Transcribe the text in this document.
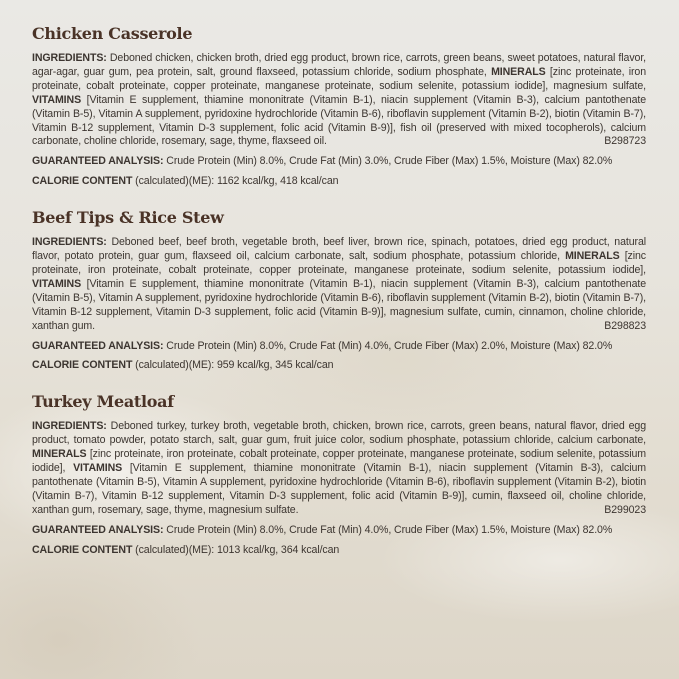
Chicken Casserole

INGREDIENTS: Deboned chicken, chicken broth, dried egg product, brown rice, carrots, green beans, sweet potatoes, natural flavor, agar-agar, guar gum, pea protein, salt, ground flaxseed, potassium chloride, sodium phosphate, MINERALS [zinc proteinate, iron proteinate, cobalt proteinate, copper proteinate, manganese proteinate, sodium selenite, potassium iodide], magnesium sulfate, VITAMINS [Vitamin E supplement, thiamine mononitrate (Vitamin B-1), niacin supplement (Vitamin B-3), calcium pantothenate (Vitamin B-5), Vitamin A supplement, pyridoxine hydrochloride (Vitamin B-6), riboflavin supplement (Vitamin B-2), biotin (Vitamin B-7), Vitamin B-12 supplement, Vitamin D-3 supplement, folic acid (Vitamin B-9)], fish oil (preserved with mixed tocopherols), calcium carbonate, choline chloride, rosemary, sage, thyme, flaxseed oil.	B298723

GUARANTEED ANALYSIS: Crude Protein (Min) 8.0%, Crude Fat (Min) 3.0%, Crude Fiber (Max) 1.5%, Moisture (Max) 82.0%

CALORIE CONTENT (calculated)(ME): 1162 kcal/kg, 418 kcal/can

Beef Tips & Rice Stew

INGREDIENTS: Deboned beef, beef broth, vegetable broth, beef liver, brown rice, spinach, potatoes, dried egg product, natural flavor, potato protein, guar gum, flaxseed oil, calcium carbonate, salt, sodium phosphate, potassium chloride, MINERALS [zinc proteinate, iron proteinate, cobalt proteinate, copper proteinate, manganese proteinate, sodium selenite, potassium iodide], VITAMINS [Vitamin E supplement, thiamine mononitrate (Vitamin B-1), niacin supplement (Vitamin B-3), calcium pantothenate (Vitamin B-5), Vitamin A supplement, pyridoxine hydrochloride (Vitamin B-6), riboflavin supplement (Vitamin B-2), biotin (Vitamin B-7), Vitamin B-12 supplement, Vitamin D-3 supplement, folic acid (Vitamin B-9)], magnesium sulfate, cumin, cinnamon, choline chloride, xanthan gum.	B298823

GUARANTEED ANALYSIS: Crude Protein (Min) 8.0%, Crude Fat (Min) 4.0%, Crude Fiber (Max) 2.0%, Moisture (Max) 82.0%

CALORIE CONTENT (calculated)(ME): 959 kcal/kg, 345 kcal/can

Turkey Meatloaf

INGREDIENTS: Deboned turkey, turkey broth, vegetable broth, chicken, brown rice, carrots, green beans, natural flavor, dried egg product, tomato powder, potato starch, salt, guar gum, fruit juice color, sodium phosphate, potassium chloride, calcium carbonate, MINERALS [zinc proteinate, iron proteinate, cobalt proteinate, copper proteinate, manganese proteinate, sodium selenite, potassium iodide], VITAMINS [Vitamin E supplement, thiamine mononitrate (Vitamin B-1), niacin supplement (Vitamin B-3), calcium pantothenate (Vitamin B-5), Vitamin A supplement, pyridoxine hydrochloride (Vitamin B-6), riboflavin supplement (Vitamin B-2), biotin (Vitamin B-7), Vitamin B-12 supplement, Vitamin D-3 supplement, folic acid (Vitamin B-9)], cumin, flaxseed oil, choline chloride, xanthan gum, rosemary, sage, thyme, magnesium sulfate.	B299023

GUARANTEED ANALYSIS: Crude Protein (Min) 8.0%, Crude Fat (Min) 4.0%, Crude Fiber (Max) 1.5%, Moisture (Max) 82.0%

CALORIE CONTENT (calculated)(ME): 1013 kcal/kg, 364 kcal/can
